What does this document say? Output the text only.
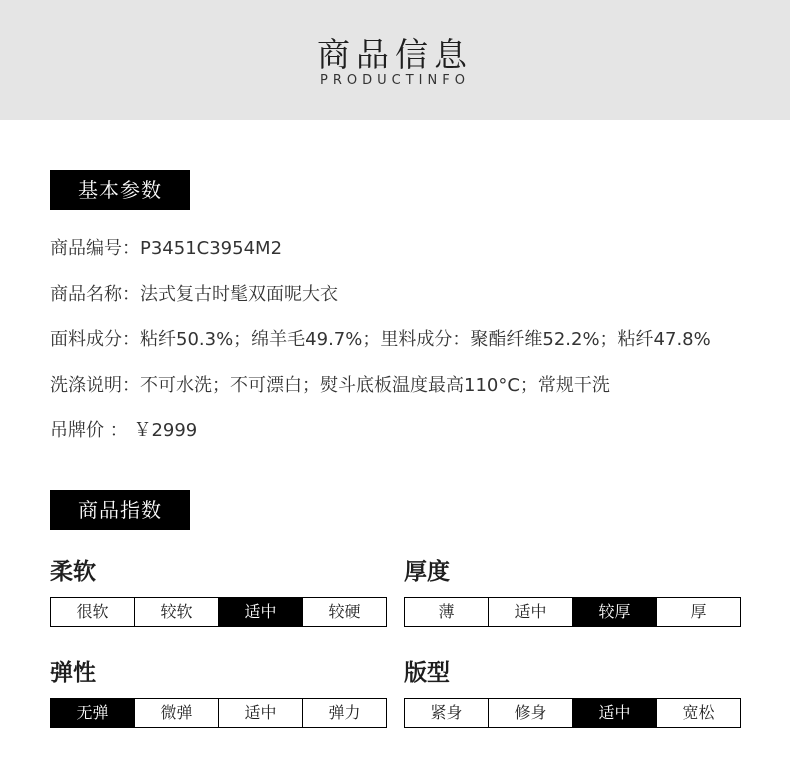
商品信息
PRODUCTINFO
基本参数
商品编号：P3451C3954M2
商品名称：法式复古时髦双面呢大衣
面料成分：粘纤50.3%；绵羊毛49.7%；里料成分：聚酯纤维52.2%；粘纤47.8%
洗涤说明：不可水洗；不可漂白；熨斗底板温度最高110°C；常规干洗
吊牌价 ： ￥2999
商品指数
柔软
很软	较软	适中	较硬
厚度
薄	适中	较厚	厚
弹性
无弹	微弹	适中	弹力
版型
紧身	修身	适中	宽松
